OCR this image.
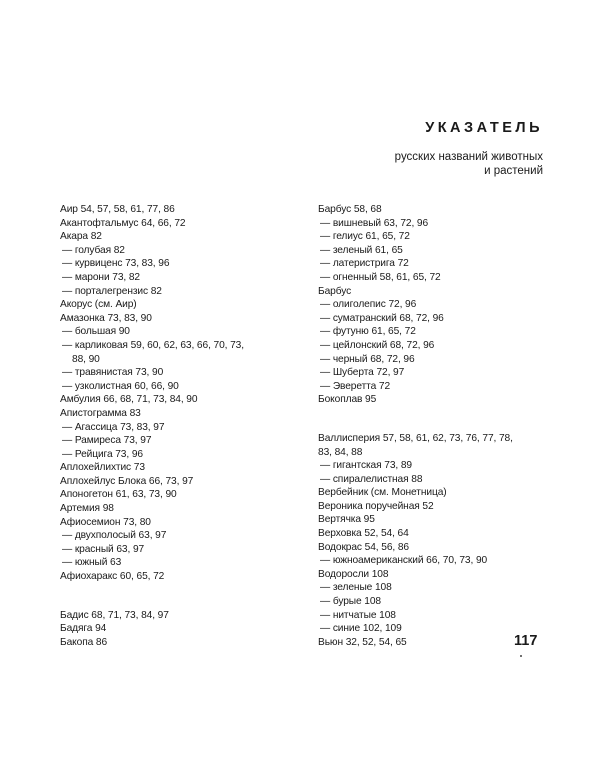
УКАЗАТЕЛЬ
русских названий животных
и растений
Аир 54, 57, 58, 61, 77, 86
Акантофтальмус 64, 66, 72
Акара 82
— голубая 82
— курвиценс 73, 83, 96
— марони 73, 82
— порталегрензис 82
Акорус (см. Аир)
Амазонка 73, 83, 90
— большая 90
— карликовая 59, 60, 62, 63, 66, 70, 73,
88, 90
— травянистая 73, 90
— узколистная 60, 66, 90
Амбулия 66, 68, 71, 73, 84, 90
Апистограмма 83
— Агассица 73, 83, 97
— Рамиреса 73, 97
— Рейцига 73, 96
Аплохейлихтис 73
Аплохейлус Блока 66, 73, 97
Апоногетон 61, 63, 73, 90
Артемия 98
Афиосемион 73, 80
— двухполосый 63, 97
— красный 63, 97
— южный 63
Афиохаракс 60, 65, 72
Бадис 68, 71, 73, 84, 97
Бадяга 94
Бакопа 86
Барбус 58, 68
— вишневый 63, 72, 96
— гелиус 61, 65, 72
— зеленый 61, 65
— латеристрига 72
— огненный 58, 61, 65, 72
Барбус
— олиголепис 72, 96
— суматранский 68, 72, 96
— футуню 61, 65, 72
— цейлонский 68, 72, 96
— черный 68, 72, 96
— Шуберта 72, 97
— Эверетта 72
Бокоплав 95
Валлисперия 57, 58, 61, 62, 73, 76, 77, 78,
83, 84, 88
— гигантская 73, 89
— спиралелистная 88
Вербейник (см. Монетница)
Вероника поручейная 52
Вертячка 95
Верховка 52, 54, 64
Водокрас 54, 56, 86
— южноамериканский 66, 70, 73, 90
Водоросли 108
— зеленые 108
— бурые 108
— нитчатые 108
— синие 102, 109
Вьюн 32, 52, 54, 65	117
